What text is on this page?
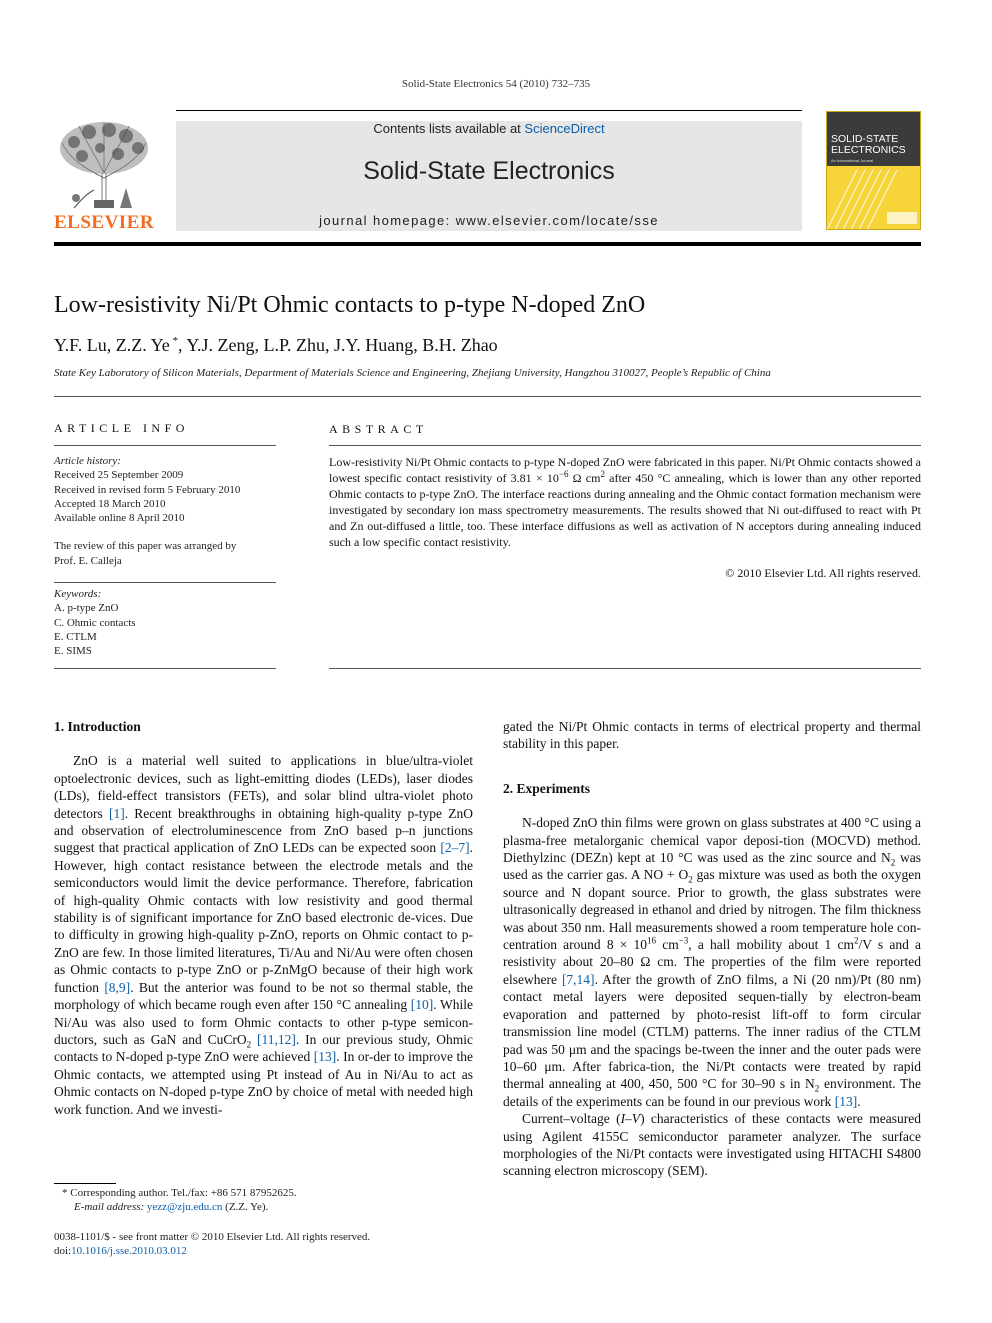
Solid-State Electronics 54 (2010) 732–735
ELSEVIER
Contents lists available at ScienceDirect
Solid-State Electronics
journal homepage: www.elsevier.com/locate/sse
SOLID-STATE ELECTRONICS
An International Journal
Low-resistivity Ni/Pt Ohmic contacts to p-type N-doped ZnO
Y.F. Lu, Z.Z. Ye *, Y.J. Zeng, L.P. Zhu, J.Y. Huang, B.H. Zhao
State Key Laboratory of Silicon Materials, Department of Materials Science and Engineering, Zhejiang University, Hangzhou 310027, People’s Republic of China
ARTICLE INFO
Article history:
Received 25 September 2009
Received in revised form 5 February 2010
Accepted 18 March 2010
Available online 8 April 2010
The review of this paper was arranged by
Prof. E. Calleja
Keywords:
A. p-type ZnO
C. Ohmic contacts
E. CTLM
E. SIMS
ABSTRACT
Low-resistivity Ni/Pt Ohmic contacts to p-type N-doped ZnO were fabricated in this paper. Ni/Pt Ohmic contacts showed a lowest specific contact resistivity of $3.81 \times 10^{-6}$ Ω $cm^2$ after 450 °C annealing, which is lower than any other reported Ohmic contacts to p-type ZnO. The interface reactions during annealing and the Ohmic contact formation mechanism were investigated by secondary ion mass spectrometry measurements. The results showed that Ni out-diffused to react with Pt and Zn out-diffused a little, too. These interface diffusions as well as activation of N acceptors during annealing induced such a low specific contact resistivity.
© 2010 Elsevier Ltd. All rights reserved.
1. Introduction

ZnO is a material well suited to applications in blue/ultra-violet optoelectronic devices, such as light-emitting diodes (LEDs), laser diodes (LDs), field-effect transistors (FETs), and solar blind ultra-violet photo detectors [1]. Recent breakthroughs in obtaining high-quality p-type ZnO and observation of electroluminescence from ZnO based p–n junctions suggest that practical application of ZnO LEDs can be expected soon [2–7]. However, high contact resistance between the electrode metals and the semiconductors would limit the device performance. Therefore, fabrication of high-quality Ohmic contacts with low resistivity and good thermal stability is of significant importance for ZnO based electronic de-vices. Due to difficulty in growing high-quality p-ZnO, reports on Ohmic contact to p-ZnO are few. In those limited literatures, Ti/Au and Ni/Au were often chosen as Ohmic contacts to p-type ZnO or p-ZnMgO because of their high work function [8,9]. But the anterior was found to be not so thermal stable, the morphology of which became rough even after 150 °C annealing [10]. While Ni/Au was also used to form Ohmic contacts to other p-type semicon-ductors, such as GaN and CuCrO$_2$ [11,12]. In our previous study, Ohmic contacts to N-doped p-type ZnO were achieved [13]. In or-der to improve the Ohmic contacts, we attempted using Pt instead of Au in Ni/Au to act as Ohmic contacts on N-doped p-type ZnO by choice of metal with needed high work function. And we investi-

* Corresponding author. Tel./fax: +86 571 87952625.
E-mail address: yezz@zju.edu.cn (Z.Z. Ye).
0038-1101/$ - see front matter © 2010 Elsevier Ltd. All rights reserved.
doi:10.1016/j.sse.2010.03.012
gated the Ni/Pt Ohmic contacts in terms of electrical property and thermal stability in this paper.
2. Experiments

N-doped ZnO thin films were grown on glass substrates at 400 °C using a plasma-free metalorganic chemical vapor deposi-tion (MOCVD) method. Diethylzinc (DEZn) kept at 10 °C was used as the zinc source and $N_2$ was used as the carrier gas. A NO + $O_2$ gas mixture was used as both the oxygen source and N dopant source. Prior to growth, the glass substrates were ultrasonically degreased in ethanol and dried by nitrogen. The film thickness was about 350 nm. Hall measurements showed a room temperature hole con-centration around $8 \times 10^{16}$ $cm^{-3}$, a hall mobility about 1 $cm^2/V$ s and a resistivity about 20–80 Ω cm. The properties of the film were reported elsewhere [7,14]. After the growth of ZnO films, a Ni (20 nm)/Pt (80 nm) contact metal layers were deposited sequen-tially by electron-beam evaporation and patterned by photo-resist lift-off to form circular transmission line model (CTLM) patterns. The inner radius of the CTLM pad was 50 μm and the spacings be-tween the inner and the outer pads were 10–60 μm. After fabrica-tion, the Ni/Pt contacts were treated by rapid thermal annealing at 400, 450, 500 °C for 30–90 s in $N_2$ environment. The details of the experiments can be found in our previous work [13].

Current–voltage (I–V) characteristics of these contacts were measured using Agilent 4155C semiconductor parameter analyzer. The surface morphologies of the Ni/Pt contacts were investigated using HITACHI S4800 scanning electron microscopy (SEM).
